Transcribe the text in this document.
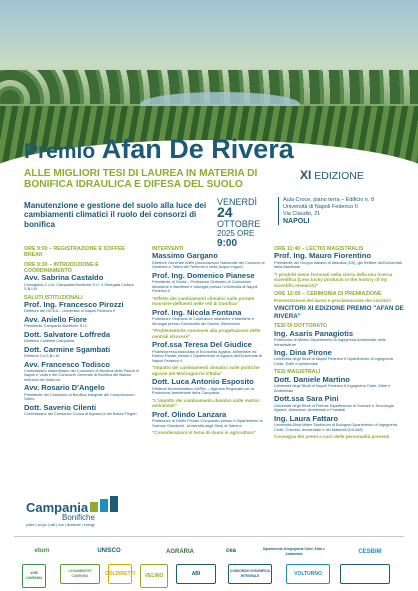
Premio Afan De Rivera
ALLE MIGLIORI TESI DI LAUREA IN MATERIA DI BONIFICA IDRAULICA E DIFESA DEL SUOLO
XI EDIZIONE
Manutenzione e gestione del suolo alla luce dei cambiamenti climatici il ruolo dei consorzi di bonifica
VENERDÌ 24
OTTOBRE
2025 ORE 9:00
Aula Croce, piano terra – Edificio n. 8
Università di Napoli Federico II
Via Claudio, 21
NAPOLI
ORE 9:00 – REGISTRAZIONE E COFFEE BREAK
ORE 9:30 – INTRODUZIONE E COORDINAMENTO
Avv. Sabrina Castaldo
Consigliera C.d.A. Campania Bonifiche S.r.l. e Delegata Cultura S.B.I.M.
SALUTI ISTITUZIONALI
Prof. Ing. Francesco Pirozzi
Direttore del DICEA – Università di Napoli Federico II
Avv. Aniello Fiore
Presidente Campania Bonifiche S.r.l.
Dott. Salvatore Loffreda
Direttore Coldiretti Campania
Dott. Carmine Sgambati
Direttore Co.S.B.I.M.
Avv. Francesco Todisco
Commissario straordinario del Consorzio di Bonifica delle Paludi di Napoli e Volla e del Consorzio Generale di Bonifica del Bacino Inferiore del Volturno
Avv. Rosario D'Angelo
Presidente del Consorzio di Bonifica Integrale del Comprensorio Sarno
Dott. Saverio Cilenti
Commissario del Consorzio Conca di Agnano e dei Bacini Flegrei
INTERVENTI
Massimo Gargano
Direttore Generale ANBI (Associazione Nazionale dei Consorzi di Gestione e Tutela del Territorio e delle Acque Irrigue)
Prof. Ing. Domenico Pianese
Presidente di Giuria – Professore Ordinario di Costruzioni Idrauliche e Marittime e Idrologia presso l'Università di Napoli Federico II
"Effetto dei cambiamenti climatici sulle portate massime defluenti nelle reti di bonifica"
Prof. Ing. Nicola Fontana
Professore Ordinario di Costruzioni Idrauliche e Marittime e Idrologia presso l'Università del Sannio, Benevento
"Problematiche connesse alla progettazione delle centrali idrovore"
Prof.ssa Teresa Del Giudice
Professoressa Associata di Economia Agraria, Alimentare ed Estimo Rurale presso il Dipartimento di Agraria dell'Università di Napoli Federico II
"Impatto dei cambiamenti climatici sulle politiche agrarie del Mezzogiorno d'Italia"
Dott. Luca Antonio Esposito
Direttore Amministrativo ANPAL – Agenzia Regionale per la Protezione Ambientale della Campania
"L'impatto dei cambiamenti climatici sulle matrici ambientali"
Prof. Olindo Lanzara
Professore di Diritto Privato Comparato presso il Dipartimento di Scienze Giuridiche, Università degli Studi di Salerno
"Considerazioni in tema di danni in agricoltura"
ORE 11:40 – LECTIO MAGISTRALIS
Prof. Ing. Mauro Fiorentino
Presidente del Gruppo Italiano di Idraulica (GII), già Rettore dell'Università della Basilicata
"I prodotti meno fortunati nella storia della mia ricerca scientifica (Less lucky products in the history of my scientific research)"
ORE 12:00 – CERIMONIA DI PREMIAZIONE
Presentazione dei lavori e proclamazione dei vincitori
VINCITORI XI EDIZIONE PREMIO "AFAN DE RIVERA"
TESI DI DOTTORATO
Ing. Asaris Panagiotis
Politecnico di Milano Dipartimento di Ingegneria Ambientale delle Infrastrutture
Ing. Dina Pirone
Università degli Studi di Napoli Federico II Dipartimento di Ingegneria Civile, Edile e Ambientale
TESI MAGISTRALI
Dott. Daniele Martino
Università degli Studi di Napoli Federico II Ingegneria Civile, Edile e Ambientale
Dott.ssa Sara Pini
Università degli Studi di Firenze Dipartimento di Scienze e Tecnologie Agrarie, Alimentari, Ambientali e Forestali
Ing. Laura Fattaro
Università Alma Mater Studiorum di Bologna Dipartimento di Ingegneria Civile, Chimica, Ambientale e dei Materiali (DICAM)
Consegna dei premi a cura delle personalità presenti
Campania
Bonifiche
pulire | scopo | tutti | riva | ambiente | energy
eturn	UNISCO	AGRARIA	cea	Dipartimento di Ingegneria Civile, Edile e Ambientale	CESBIM
ANBI CAMPANIA
LEGAMBIENTE CAMPANIA	COLDIRETTI	VELINO	ABI	CONSORZIO DI BONIFICA INTEGRALE	VOLTURNO
